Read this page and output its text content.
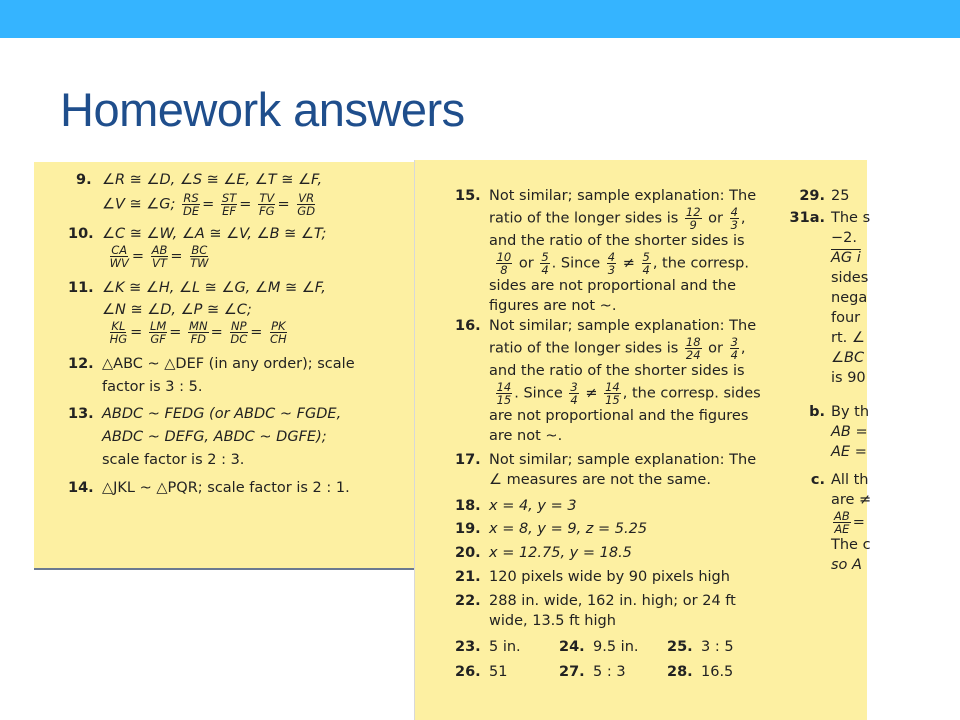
Homework answers
9. ∠R ≅ ∠D, ∠S ≅ ∠E, ∠T ≅ ∠F,
∠V ≅ ∠G; $\frac{RS}{DE} = \frac{ST}{EF} = \frac{TV}{FG} = \frac{VR}{GD}$
10. ∠C ≅ ∠W, ∠A ≅ ∠V, ∠B ≅ ∠T;

$\frac{CA}{WV} = \frac{AB}{VT} = \frac{BC}{TW}$
11. ∠K ≅ ∠H, ∠L ≅ ∠G, ∠M ≅ ∠F,
∠N ≅ ∠D, ∠P ≅ ∠C;

$\frac{KL}{HG} = \frac{LM}{GF} = \frac{MN}{FD} = \frac{NP}{DC} = \frac{PK}{CH}$
12. △ABC ~ △DEF (in any order); scale
factor is 3 : 5.
13. ABDC ~ FEDG (or ABDC ~ FGDE,
ABDC ~ DEFG, ABDC ~ DGFE);
scale factor is 2 : 3.
14. △JKL ~ △PQR; scale factor is 2 : 1.
15. Not similar; sample explanation: The
ratio of the longer sides is $\frac{12}{9}$ or $\frac{4}{3}$ ,
and the ratio of the shorter sides is

$\frac{10}{8}$ or $\frac{5}{4}$ . Since $\frac{4}{3} \ne \frac{5}{4}$ , the corresp.
sides are not proportional and the
figures are not ~.
16. Not similar; sample explanation: The
ratio of the longer sides is $\frac{18}{24}$ or $\frac{3}{4}$ ,
and the ratio of the shorter sides is

$\frac{14}{15}$ . Since $\frac{3}{4} \ne \frac{14}{15}$ , the corresp. sides
are not proportional and the figures
are not ~.
17. Not similar; sample explanation: The
∠ measures are not the same.
18. x = 4, y = 3
19. x = 8, y = 9, z = 5.25
20. x = 12.75, y = 18.5
21. 120 pixels wide by 90 pixels high
22. 288 in. wide, 162 in. high; or 24 ft
wide, 13.5 ft high
23. 5 in.	24. 9.5 in. 25. 3 : 5
26. 51	27. 5 : 3	28. 16.5
29. 25
31a. The s
−2.
AG i
sides
nega
four
rt. ∠
∠BC
is 90
b. By th
AB =
AE =
c. All th
are ≠
$\frac{AB}{AE}$ =
The c
so A
